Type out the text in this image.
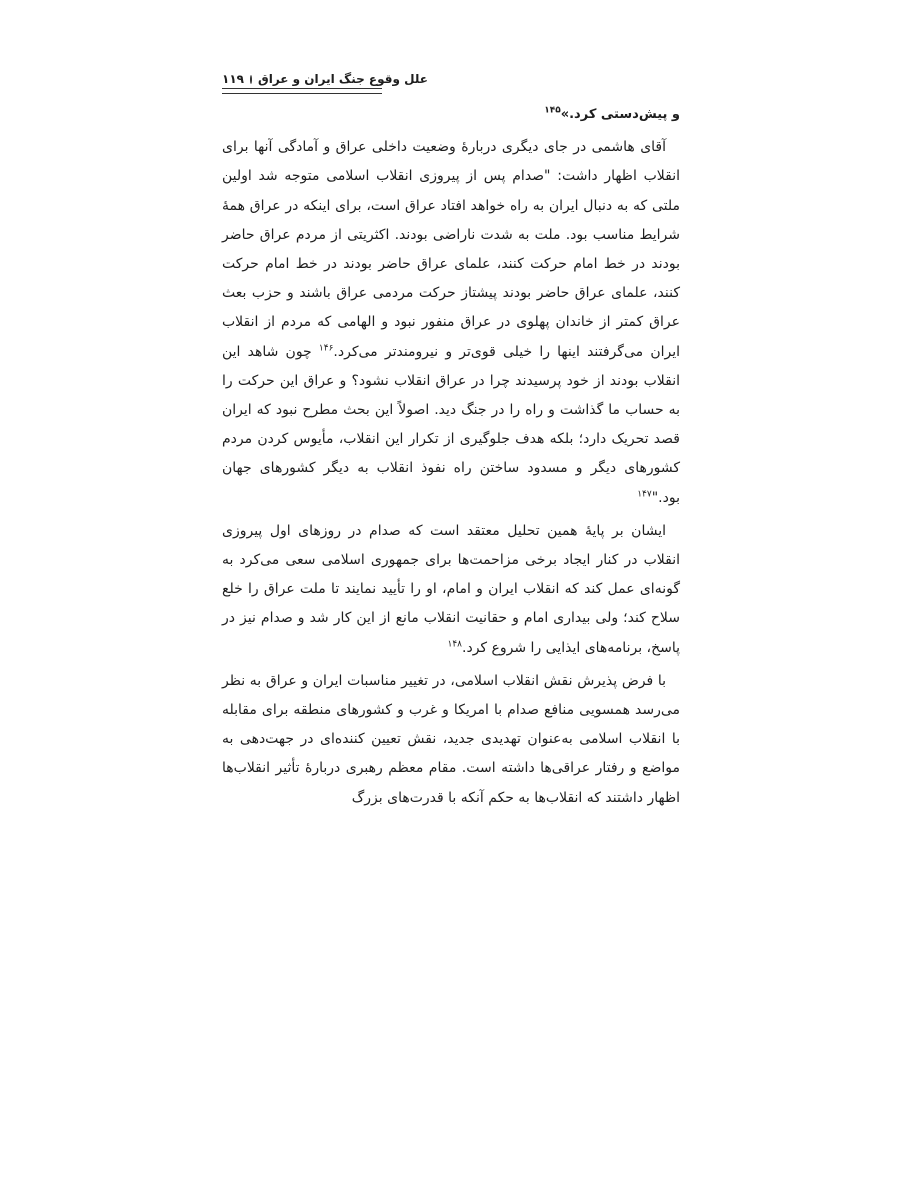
علل وقوع جنگ ایران و عراق
۱۱۹

و پیش‌دستی کرد.»$^{۱۴۵}$

آقای هاشمی در جای دیگری دربارهٔ وضعیت داخلی عراق و آمادگی آنها برای انقلاب اظهار داشت: "صدام پس از پیروزی انقلاب اسلامی متوجه شد اولین ملتی که به دنبال ایران به راه خواهد افتاد عراق است، برای اینکه در عراق همهٔ شرایط مناسب بود. ملت به شدت ناراضی بودند. اکثریتی از مردم عراق حاضر بودند در خط امام حرکت کنند، علمای عراق حاضر بودند در خط امام حرکت کنند، علمای عراق حاضر بودند پیشتاز حرکت مردمی عراق باشند و حزب بعث عراق کمتر از خاندان پهلوی در عراق منفور نبود و الهامی که مردم از انقلاب ایران می‌گرفتند اینها را خیلی قوی‌تر و نیرومندتر می‌کرد.$^{۱۴۶}$ چون شاهد این انقلاب بودند از خود پرسیدند چرا در عراق انقلاب نشود؟ و عراق این حرکت را به حساب ما گذاشت و راه را در جنگ دید. اصولاً این بحث مطرح نبود که ایران قصد تحریک دارد؛ بلکه هدف جلوگیری از تکرار این انقلاب، مأیوس کردن مردم کشورهای دیگر و مسدود ساختن راه نفوذ انقلاب به دیگر کشورهای جهان بود."$^{۱۴۷}$

ایشان بر پایهٔ همین تحلیل معتقد است که صدام در روزهای اول پیروزی انقلاب در کنار ایجاد برخی مزاحمت‌ها برای جمهوری اسلامی سعی می‌کرد به گونه‌ای عمل کند که انقلاب ایران و امام، او را تأیید نمایند تا ملت عراق را خلع سلاح کند؛ ولی بیداری امام و حقانیت انقلاب مانع از این کار شد و صدام نیز در پاسخ، برنامه‌های ایذایی را شروع کرد.$^{۱۴۸}$

با فرض پذیرش نقش انقلاب اسلامی، در تغییر مناسبات ایران و عراق به نظر می‌رسد همسویی منافع صدام با امریکا و غرب و کشورهای منطقه برای مقابله با انقلاب اسلامی به‌عنوان تهدیدی جدید، نقش تعیین کننده‌ای در جهت‌دهی به مواضع و رفتار عراقی‌ها داشته است. مقام معظم رهبری دربارهٔ تأثیر انقلاب‌ها اظهار داشتند که انقلاب‌ها به حکم آنکه با قدرت‌های بزرگ
